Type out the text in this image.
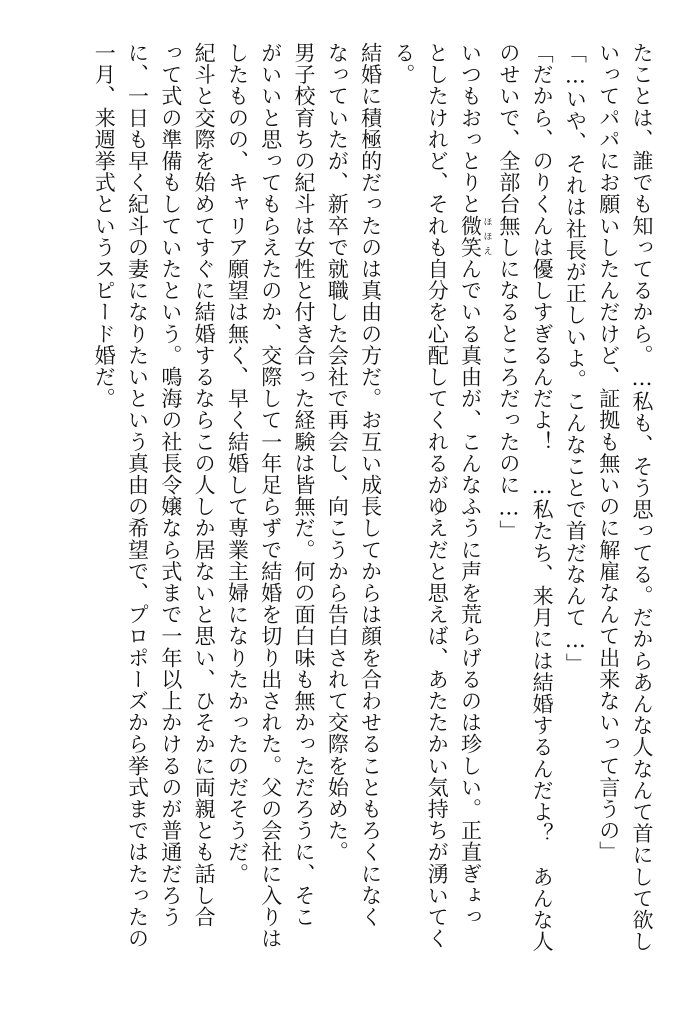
たことは、誰でも知ってるから。…私も、そう思ってる。だからあんな人なんて首にして欲し
いってパパにお願いしたんだけど、証拠も無いのに解雇なんて出来ないって言うの」
「…いや、それは社長が正しいよ。こんなことで首だなんて…」
「だから、のりくんは優しすぎるんだよ！　…私たち、来月には結婚するんだよ？　あんな人
のせいで、全部台無しになるところだったのに…」
いつもおっとりと微笑 ほほえんでいる真由が、こんなふうに声を荒らげるのは珍しい。正直ぎょっ
としたけれど、それも自分を心配してくれるがゆえだと思えば、あたたかい気持ちが湧いてく
る。
結婚に積極的だったのは真由の方だ。お互い成長してからは顔を合わせることもろくになく
なっていたが、新卒で就職した会社で再会し、向こうから告白されて交際を始めた。
男子校育ちの紀斗は女性と付き合った経験は皆無だ。何の面白味も無かっただろうに、そこ
がいいと思ってもらえたのか、交際して一年足らずで結婚を切り出された。父の会社に入りは
したものの、キャリア願望は無く、早く結婚して専業主婦になりたかったのだそうだ。
紀斗と交際を始めてすぐに結婚するならこの人しか居ないと思い、ひそかに両親とも話し合
って式の準備もしていたという。鳴海の社長令嬢なら式まで一年以上かけるのが普通だろう
に、一日も早く紀斗の妻になりたいという真由の希望で、プロポーズから挙式まではたったの
一月、来週挙式というスピード婚だ。
